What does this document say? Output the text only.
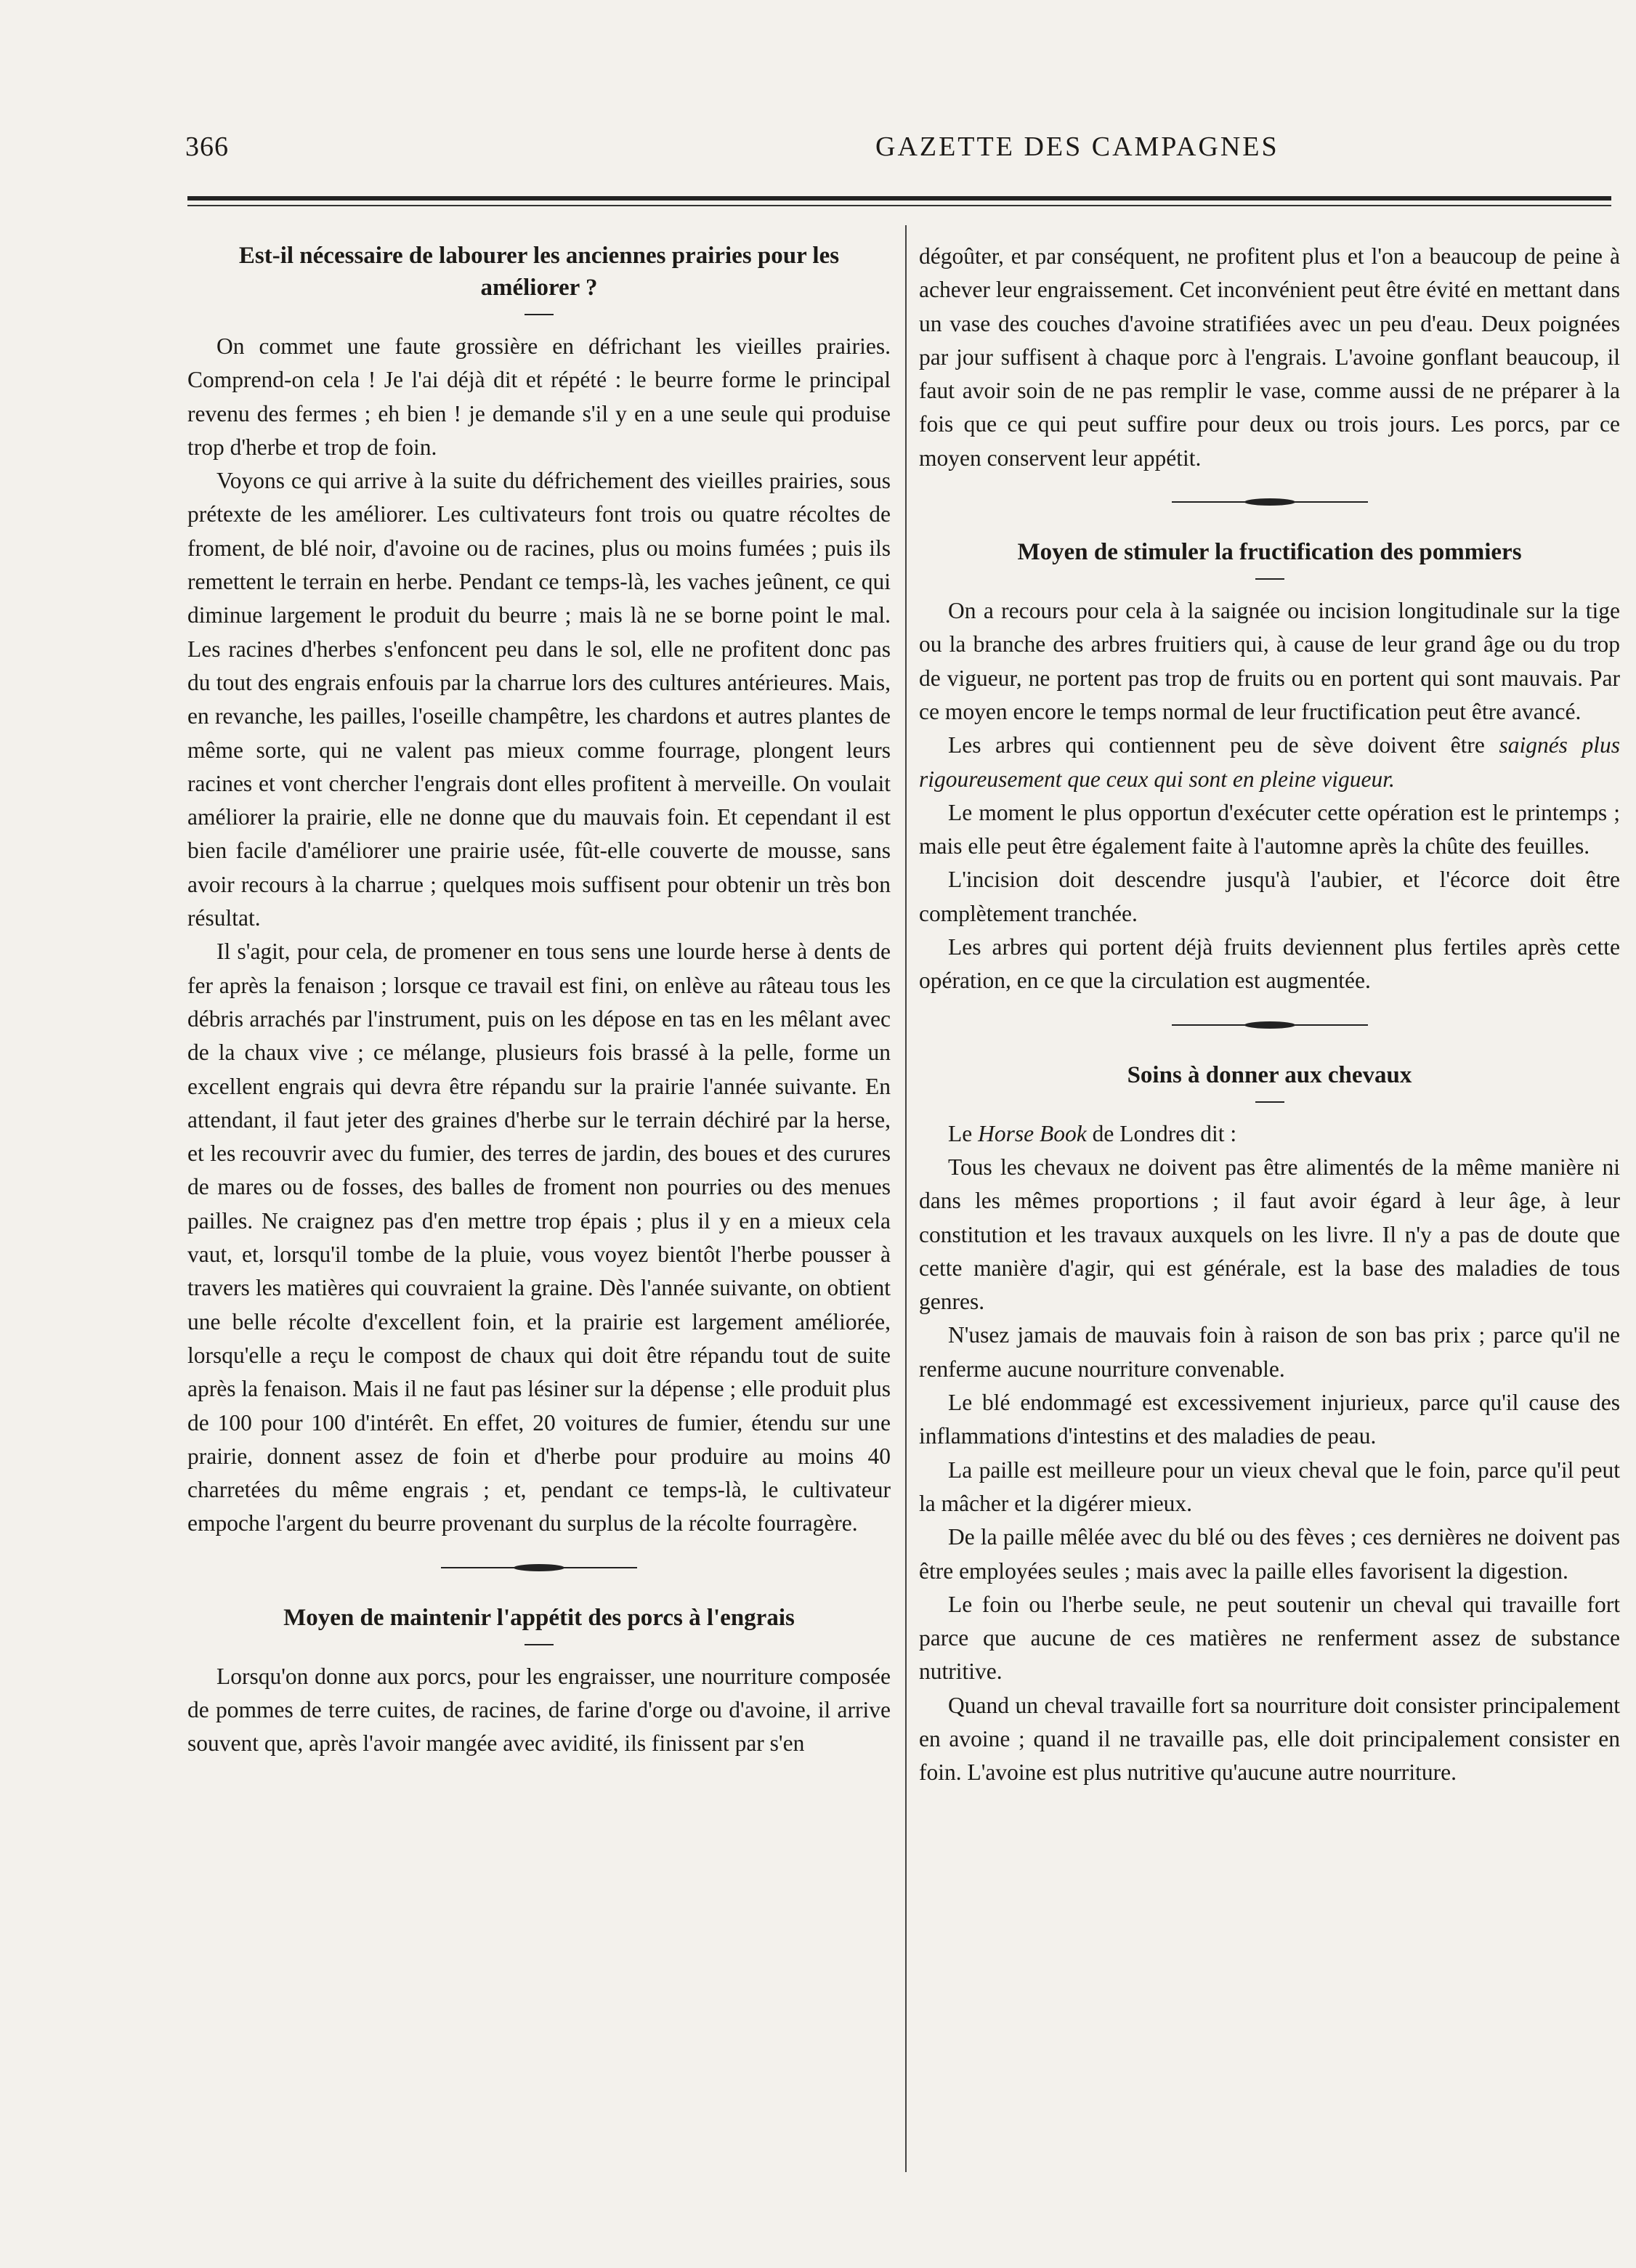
366	GAZETTE DES CAMPAGNES
Est-il nécessaire de labourer les anciennes prairies pour les améliorer ?

On commet une faute grossière en défrichant les vieilles prairies. Comprend-on cela ! Je l'ai déjà dit et répété : le beurre forme le principal revenu des fermes ; eh bien ! je demande s'il y en a une seule qui produise trop d'herbe et trop de foin.

Voyons ce qui arrive à la suite du défrichement des vieilles prairies, sous prétexte de les améliorer. Les cultivateurs font trois ou quatre récoltes de froment, de blé noir, d'avoine ou de racines, plus ou moins fumées ; puis ils remettent le terrain en herbe. Pendant ce temps-là, les vaches jeûnent, ce qui diminue largement le produit du beurre ; mais là ne se borne point le mal. Les racines d'herbes s'enfoncent peu dans le sol, elle ne profitent donc pas du tout des engrais enfouis par la charrue lors des cultures antérieures. Mais, en revanche, les pailles, l'oseille champêtre, les chardons et autres plantes de même sorte, qui ne valent pas mieux comme fourrage, plongent leurs racines et vont chercher l'engrais dont elles profitent à merveille. On voulait améliorer la prairie, elle ne donne que du mauvais foin. Et cependant il est bien facile d'améliorer une prairie usée, fût-elle couverte de mousse, sans avoir recours à la charrue ; quelques mois suffisent pour obtenir un très bon résultat.

Il s'agit, pour cela, de promener en tous sens une lourde herse à dents de fer après la fenaison ; lorsque ce travail est fini, on enlève au râteau tous les débris arrachés par l'instrument, puis on les dépose en tas en les mêlant avec de la chaux vive ; ce mélange, plusieurs fois brassé à la pelle, forme un excellent engrais qui devra être répandu sur la prairie l'année suivante. En attendant, il faut jeter des graines d'herbe sur le terrain déchiré par la herse, et les recouvrir avec du fumier, des terres de jardin, des boues et des curures de mares ou de fosses, des balles de froment non pourries ou des menues pailles. Ne craignez pas d'en mettre trop épais ; plus il y en a mieux cela vaut, et, lorsqu'il tombe de la pluie, vous voyez bientôt l'herbe pousser à travers les matières qui couvraient la graine. Dès l'année suivante, on obtient une belle récolte d'excellent foin, et la prairie est largement améliorée, lorsqu'elle a reçu le compost de chaux qui doit être répandu tout de suite après la fenaison. Mais il ne faut pas lésiner sur la dépense ; elle produit plus de 100 pour 100 d'intérêt. En effet, 20 voitures de fumier, étendu sur une prairie, donnent assez de foin et d'herbe pour produire au moins 40 charretées du même engrais ; et, pendant ce temps-là, le cultivateur empoche l'argent du beurre provenant du surplus de la récolte fourragère.

Moyen de maintenir l'appétit des porcs à l'engrais

Lorsqu'on donne aux porcs, pour les engraisser, une nourriture composée de pommes de terre cuites, de racines, de farine d'orge ou d'avoine, il arrive souvent que, après l'avoir mangée avec avidité, ils finissent par s'en

dégoûter, et par conséquent, ne profitent plus et l'on a beaucoup de peine à achever leur engraissement. Cet inconvénient peut être évité en mettant dans un vase des couches d'avoine stratifiées avec un peu d'eau. Deux poignées par jour suffisent à chaque porc à l'engrais. L'avoine gonflant beaucoup, il faut avoir soin de ne pas remplir le vase, comme aussi de ne préparer à la fois que ce qui peut suffire pour deux ou trois jours. Les porcs, par ce moyen conservent leur appétit.

Moyen de stimuler la fructification des pommiers

On a recours pour cela à la saignée ou incision longitudinale sur la tige ou la branche des arbres fruitiers qui, à cause de leur grand âge ou du trop de vigueur, ne portent pas trop de fruits ou en portent qui sont mauvais. Par ce moyen encore le temps normal de leur fructification peut être avancé.

Les arbres qui contiennent peu de sève doivent être saignés plus rigoureusement que ceux qui sont en pleine vigueur.

Le moment le plus opportun d'exécuter cette opération est le printemps ; mais elle peut être également faite à l'automne après la chûte des feuilles.

L'incision doit descendre jusqu'à l'aubier, et l'écorce doit être complètement tranchée.

Les arbres qui portent déjà fruits deviennent plus fertiles après cette opération, en ce que la circulation est augmentée.

Soins à donner aux chevaux

Le Horse Book de Londres dit :

Tous les chevaux ne doivent pas être alimentés de la même manière ni dans les mêmes proportions ; il faut avoir égard à leur âge, à leur constitution et les travaux auxquels on les livre. Il n'y a pas de doute que cette manière d'agir, qui est générale, est la base des maladies de tous genres.

N'usez jamais de mauvais foin à raison de son bas prix ; parce qu'il ne renferme aucune nourriture convenable.

Le blé endommagé est excessivement injurieux, parce qu'il cause des inflammations d'intestins et des maladies de peau.

La paille est meilleure pour un vieux cheval que le foin, parce qu'il peut la mâcher et la digérer mieux.

De la paille mêlée avec du blé ou des fèves ; ces dernières ne doivent pas être employées seules ; mais avec la paille elles favorisent la digestion.

Le foin ou l'herbe seule, ne peut soutenir un cheval qui travaille fort parce que aucune de ces matières ne renferment assez de substance nutritive.

Quand un cheval travaille fort sa nourriture doit consister principalement en avoine ; quand il ne travaille pas, elle doit principalement consister en foin. L'avoine est plus nutritive qu'aucune autre nourriture.
